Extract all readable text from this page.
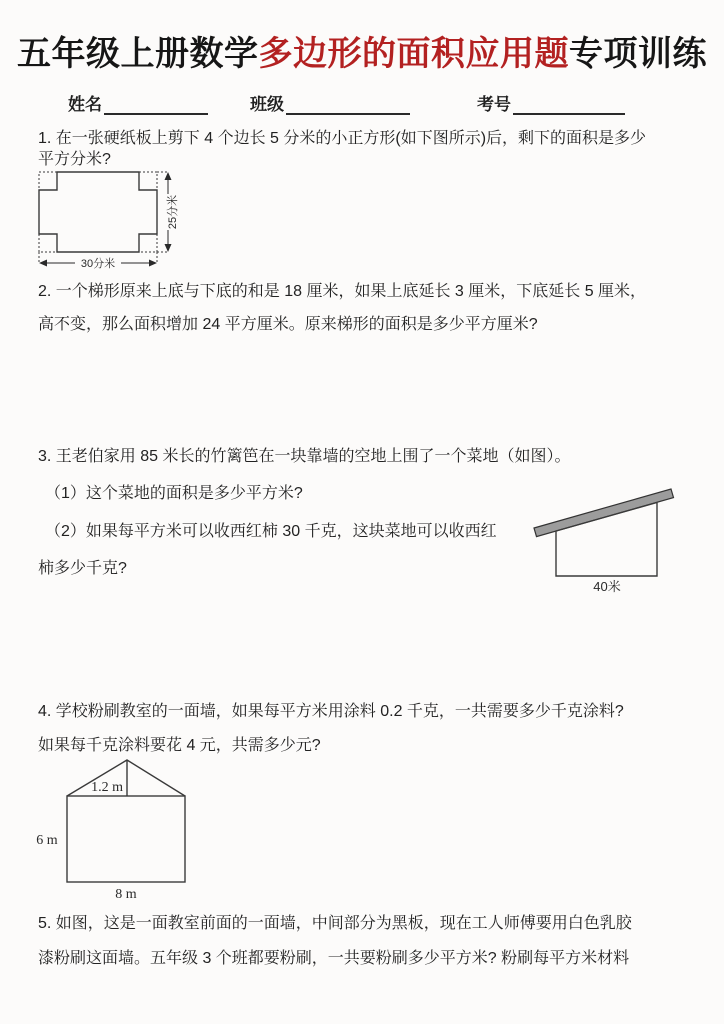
五年级上册数学多边形的面积应用题专项训练
姓名	班级	考号
1. 在一张硬纸板上剪下 4 个边长 5 分米的小正方形(如下图所示)后，剩下的面积是多少
平方分米?
30分米
25分米
2. 一个梯形原来上底与下底的和是 18 厘米，如果上底延长 3 厘米，下底延长 5 厘米，
高不变，那么面积增加 24 平方厘米。原来梯形的面积是多少平方厘米?
3. 王老伯家用 85 米长的竹篱笆在一块靠墙的空地上围了一个菜地（如图）。
（1）这个菜地的面积是多少平方米?
（2）如果每平方米可以收西红柿 30 千克，这块菜地可以收西红
柿多少千克?
40米
4. 学校粉刷教室的一面墙，如果每平方米用涂料 0.2 千克，一共需要多少千克涂料?
如果每千克涂料要花 4 元，共需多少元?
1.2 m
6 m
8 m
5. 如图，这是一面教室前面的一面墙，中间部分为黑板，现在工人师傅要用白色乳胶
漆粉刷这面墙。五年级 3 个班都要粉刷，一共要粉刷多少平方米? 粉刷每平方米材料
